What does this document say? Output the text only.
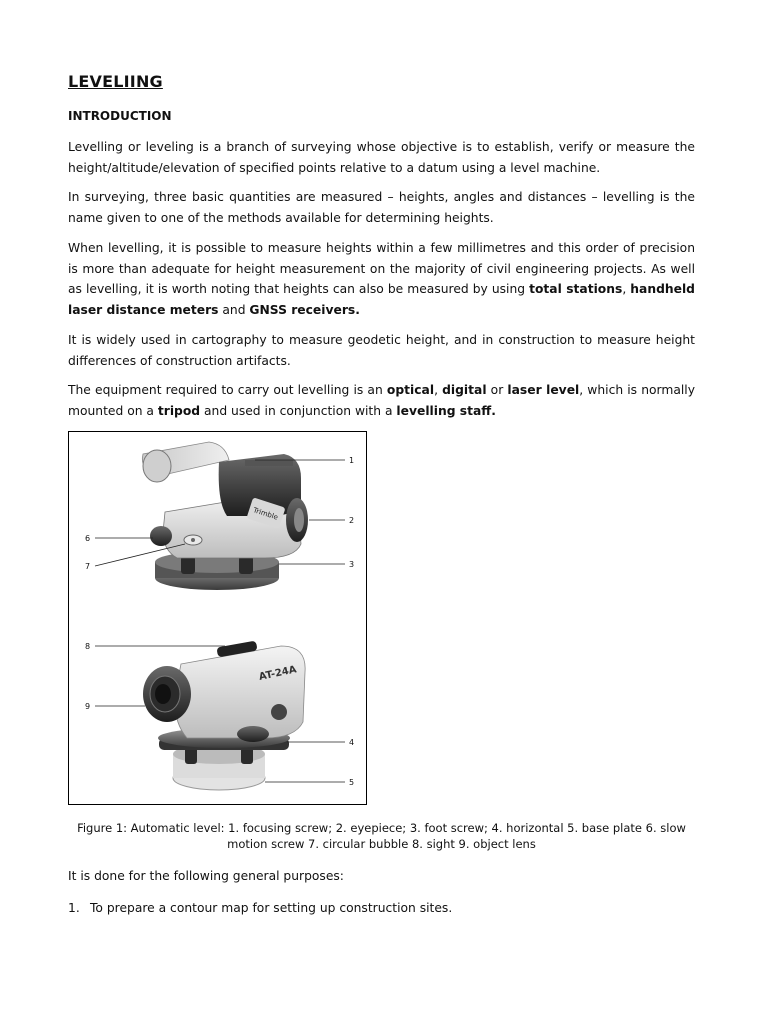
LEVELIING
INTRODUCTION
Levelling or leveling is a branch of surveying whose objective is to establish, verify or measure the height/altitude/elevation of specified points relative to a datum using a level machine.
In surveying, three basic quantities are measured – heights, angles and distances – levelling is the name given to one of the methods available for determining heights.
When levelling, it is possible to measure heights within a few millimetres and this order of precision is more than adequate for height measurement on the majority of civil engineering projects. As well as levelling, it is worth noting that heights can also be measured by using total stations, handheld laser distance meters and GNSS receivers.
It is widely used in cartography to measure geodetic height, and in construction to measure height differences of construction artifacts.
The equipment required to carry out levelling is an optical, digital or laser level, which is normally mounted on a tripod and used in conjunction with a levelling staff.
Trimble
1
2
3
6
7
AT-24A
8
9
4
5
Figure 1: Automatic level: 1. focusing screw; 2. eyepiece; 3. foot screw; 4. horizontal 5. base plate 6. slow motion screw 7. circular bubble 8. sight 9. object lens
It is done for the following general purposes:
1. To prepare a contour map for setting up construction sites.
